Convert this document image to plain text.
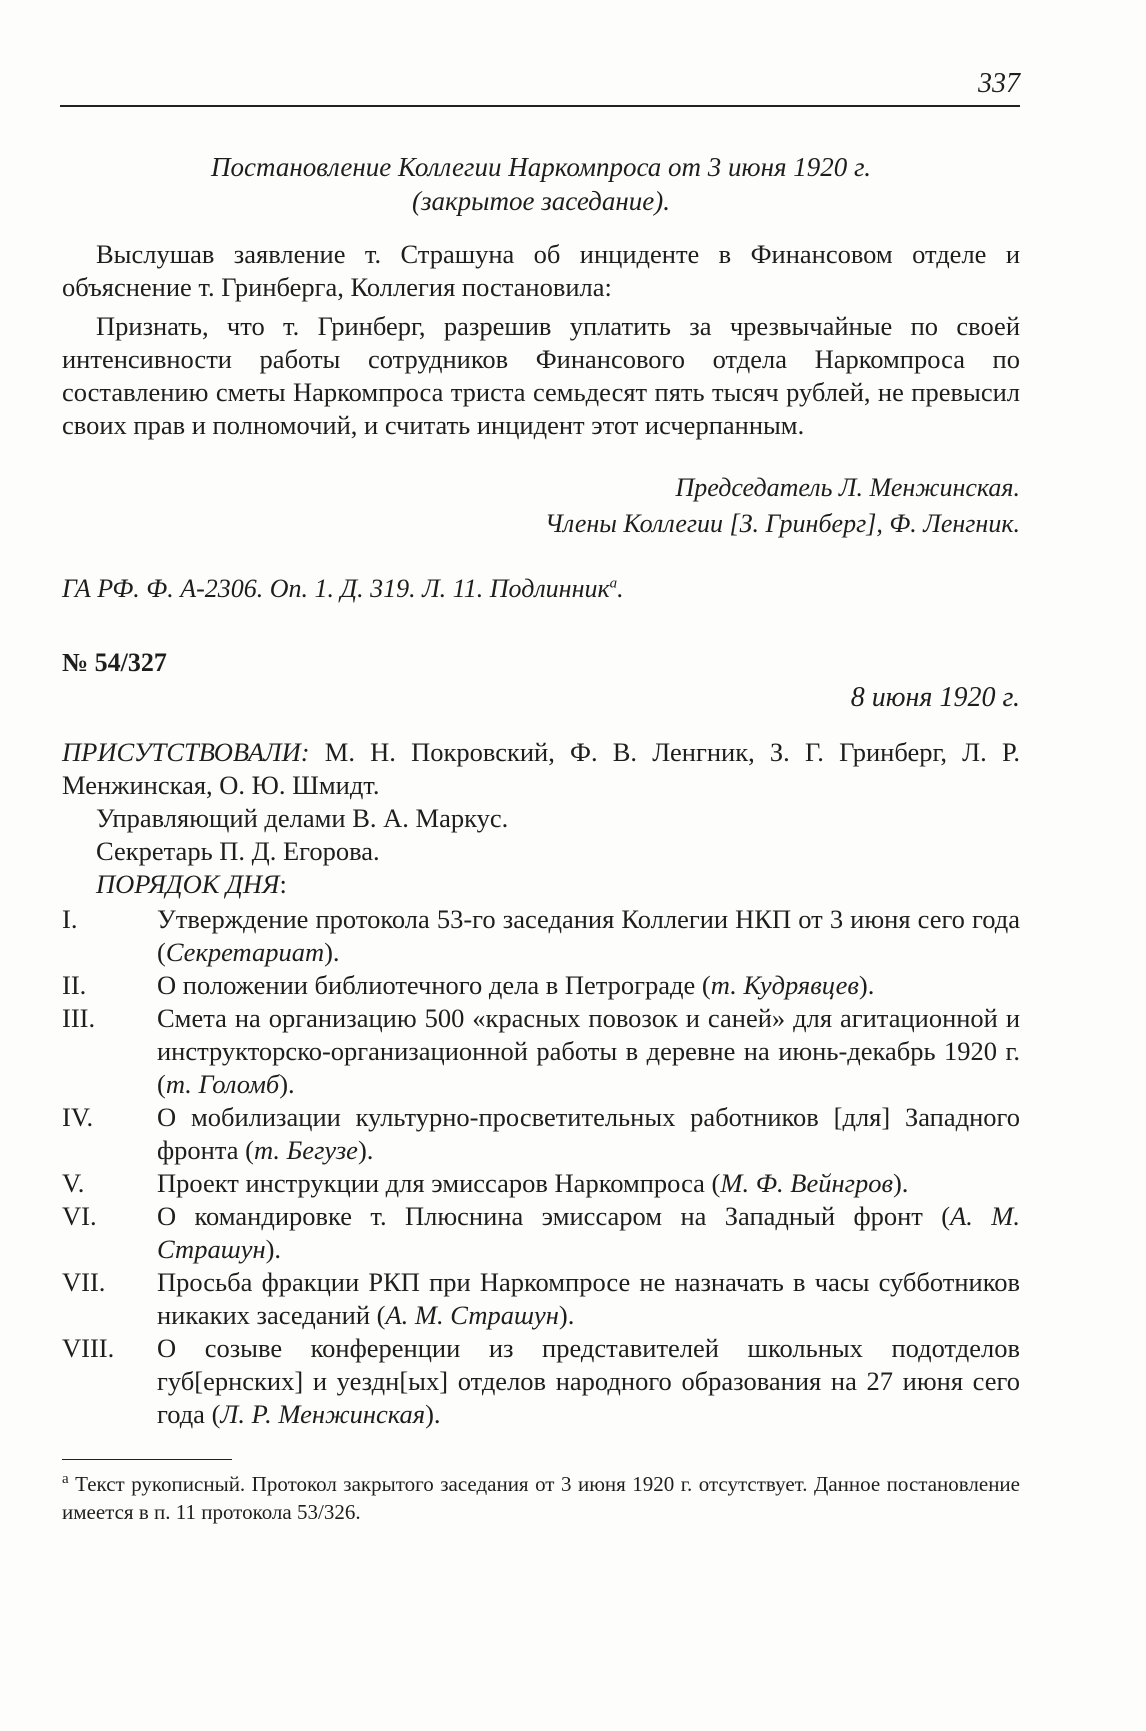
337

Постановление Коллегии Наркомпроса от 3 июня 1920 г.

(закрытое заседание).

Выслушав заявление т. Страшуна об инциденте в Финансовом отделе и объяснение т. Гринберга, Коллегия постановила:

Признать, что т. Гринберг, разрешив уплатить за чрезвычайные по своей интенсивности работы сотрудников Финансового отдела Наркомпроса по составлению сметы Наркомпроса триста семьдесят пять тысяч рублей, не превысил своих прав и полномочий, и считать инцидент этот исчерпанным.

Председатель Л. Менжинская.

Члены Коллегии [З. Гринберг], Ф. Ленгник.

ГА РФ. Ф. А-2306. Оп. 1. Д. 319. Л. 11. Подлинник$^а$.

№ 54/327

8 июня 1920 г.

ПРИСУТСТВОВАЛИ: М. Н. Покровский, Ф. В. Ленгник, З. Г. Гринберг, Л. Р. Менжинская, О. Ю. Шмидт.

Управляющий делами В. А. Маркус.

Секретарь П. Д. Егорова.

ПОРЯДОК ДНЯ:

I.	Утверждение протокола 53-го заседания Коллегии НКП от 3 июня сего года (Секретариат).
II.	О положении библиотечного дела в Петрограде (т. Кудрявцев).
III.	Смета на организацию 500 «красных повозок и саней» для агитационной и инструкторско-организационной работы в деревне на июнь-декабрь 1920 г. (т. Голомб).
IV.	О мобилизации культурно-просветительных работников [для] Западного фронта (т. Бегузе).
V.	Проект инструкции для эмиссаров Наркомпроса (М. Ф. Вейнгров).
VI.	О командировке т. Плюснина эмиссаром на Западный фронт (А. М. Страшун).
VII.	Просьба фракции РКП при Наркомпросе не назначать в часы субботников никаких заседаний (А. М. Страшун).
VIII.	О созыве конференции из представителей школьных подотделов губ[ернских] и уездн[ых] отделов народного образования на 27 июня сего года (Л. Р. Менжинская).

$^а$ Текст рукописный. Протокол закрытого заседания от 3 июня 1920 г. отсутствует. Данное постановление имеется в п. 11 протокола 53/326.
